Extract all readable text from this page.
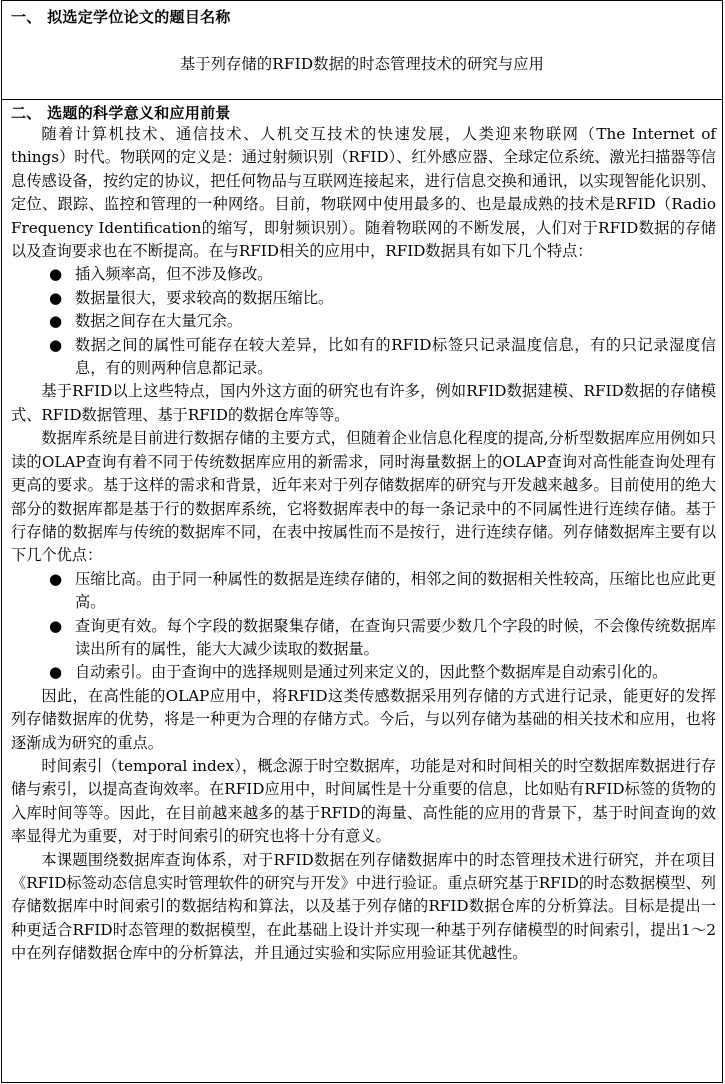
一、 拟选定学位论文的题目名称
基于列存储的RFID数据的时态管理技术的研究与应用
二、 选题的科学意义和应用前景

随着计算机技术、通信技术、人机交互技术的快速发展，人类迎来物联网（The Internet of things）时代。物联网的定义是：通过射频识别（RFID）、红外感应器、全球定位系统、激光扫描器等信息传感设备，按约定的协议，把任何物品与互联网连接起来，进行信息交换和通讯，以实现智能化识别、定位、跟踪、监控和管理的一种网络。目前，物联网中使用最多的、也是最成熟的技术是RFID（Radio Frequency Identification的缩写，即射频识别）。随着物联网的不断发展，人们对于RFID数据的存储以及查询要求也在不断提高。在与RFID相关的应用中，RFID数据具有如下几个特点：

● 插入频率高，但不涉及修改。
● 数据量很大，要求较高的数据压缩比。
● 数据之间存在大量冗余。
● 数据之间的属性可能存在较大差异，比如有的RFID标签只记录温度信息，有的只记录湿度信息，有的则两种信息都记录。

基于RFID以上这些特点，国内外这方面的研究也有许多，例如RFID数据建模、RFID数据的存储模式、RFID数据管理、基于RFID的数据仓库等等。

数据库系统是目前进行数据存储的主要方式，但随着企业信息化程度的提高,分析型数据库应用例如只读的OLAP查询有着不同于传统数据库应用的新需求，同时海量数据上的OLAP查询对高性能查询处理有更高的要求。基于这样的需求和背景，近年来对于列存储数据库的研究与开发越来越多。目前使用的绝大部分的数据库都是基于行的数据库系统，它将数据库表中的每一条记录中的不同属性进行连续存储。基于行存储的数据库与传统的数据库不同，在表中按属性而不是按行，进行连续存储。列存储数据库主要有以下几个优点：

● 压缩比高。由于同一种属性的数据是连续存储的，相邻之间的数据相关性较高，压缩比也应此更高。
● 查询更有效。每个字段的数据聚集存储，在查询只需要少数几个字段的时候，不会像传统数据库读出所有的属性，能大大减少读取的数据量。
● 自动索引。由于查询中的选择规则是通过列来定义的，因此整个数据库是自动索引化的。

因此，在高性能的OLAP应用中，将RFID这类传感数据采用列存储的方式进行记录，能更好的发挥列存储数据库的优势，将是一种更为合理的存储方式。今后，与以列存储为基础的相关技术和应用，也将逐渐成为研究的重点。

时间索引（temporal index），概念源于时空数据库，功能是对和时间相关的时空数据库数据进行存储与索引，以提高查询效率。在RFID应用中，时间属性是十分重要的信息，比如贴有RFID标签的货物的入库时间等等。因此，在目前越来越多的基于RFID的海量、高性能的应用的背景下，基于时间查询的效率显得尤为重要，对于时间索引的研究也将十分有意义。

本课题围绕数据库查询体系，对于RFID数据在列存储数据库中的时态管理技术进行研究，并在项目《RFID标签动态信息实时管理软件的研究与开发》中进行验证。重点研究基于RFID的时态数据模型、列存储数据库中时间索引的数据结构和算法，以及基于列存储的RFID数据仓库的分析算法。目标是提出一种更适合RFID时态管理的数据模型，在此基础上设计并实现一种基于列存储模型的时间索引，提出1～2中在列存储数据仓库中的分析算法，并且通过实验和实际应用验证其优越性。
